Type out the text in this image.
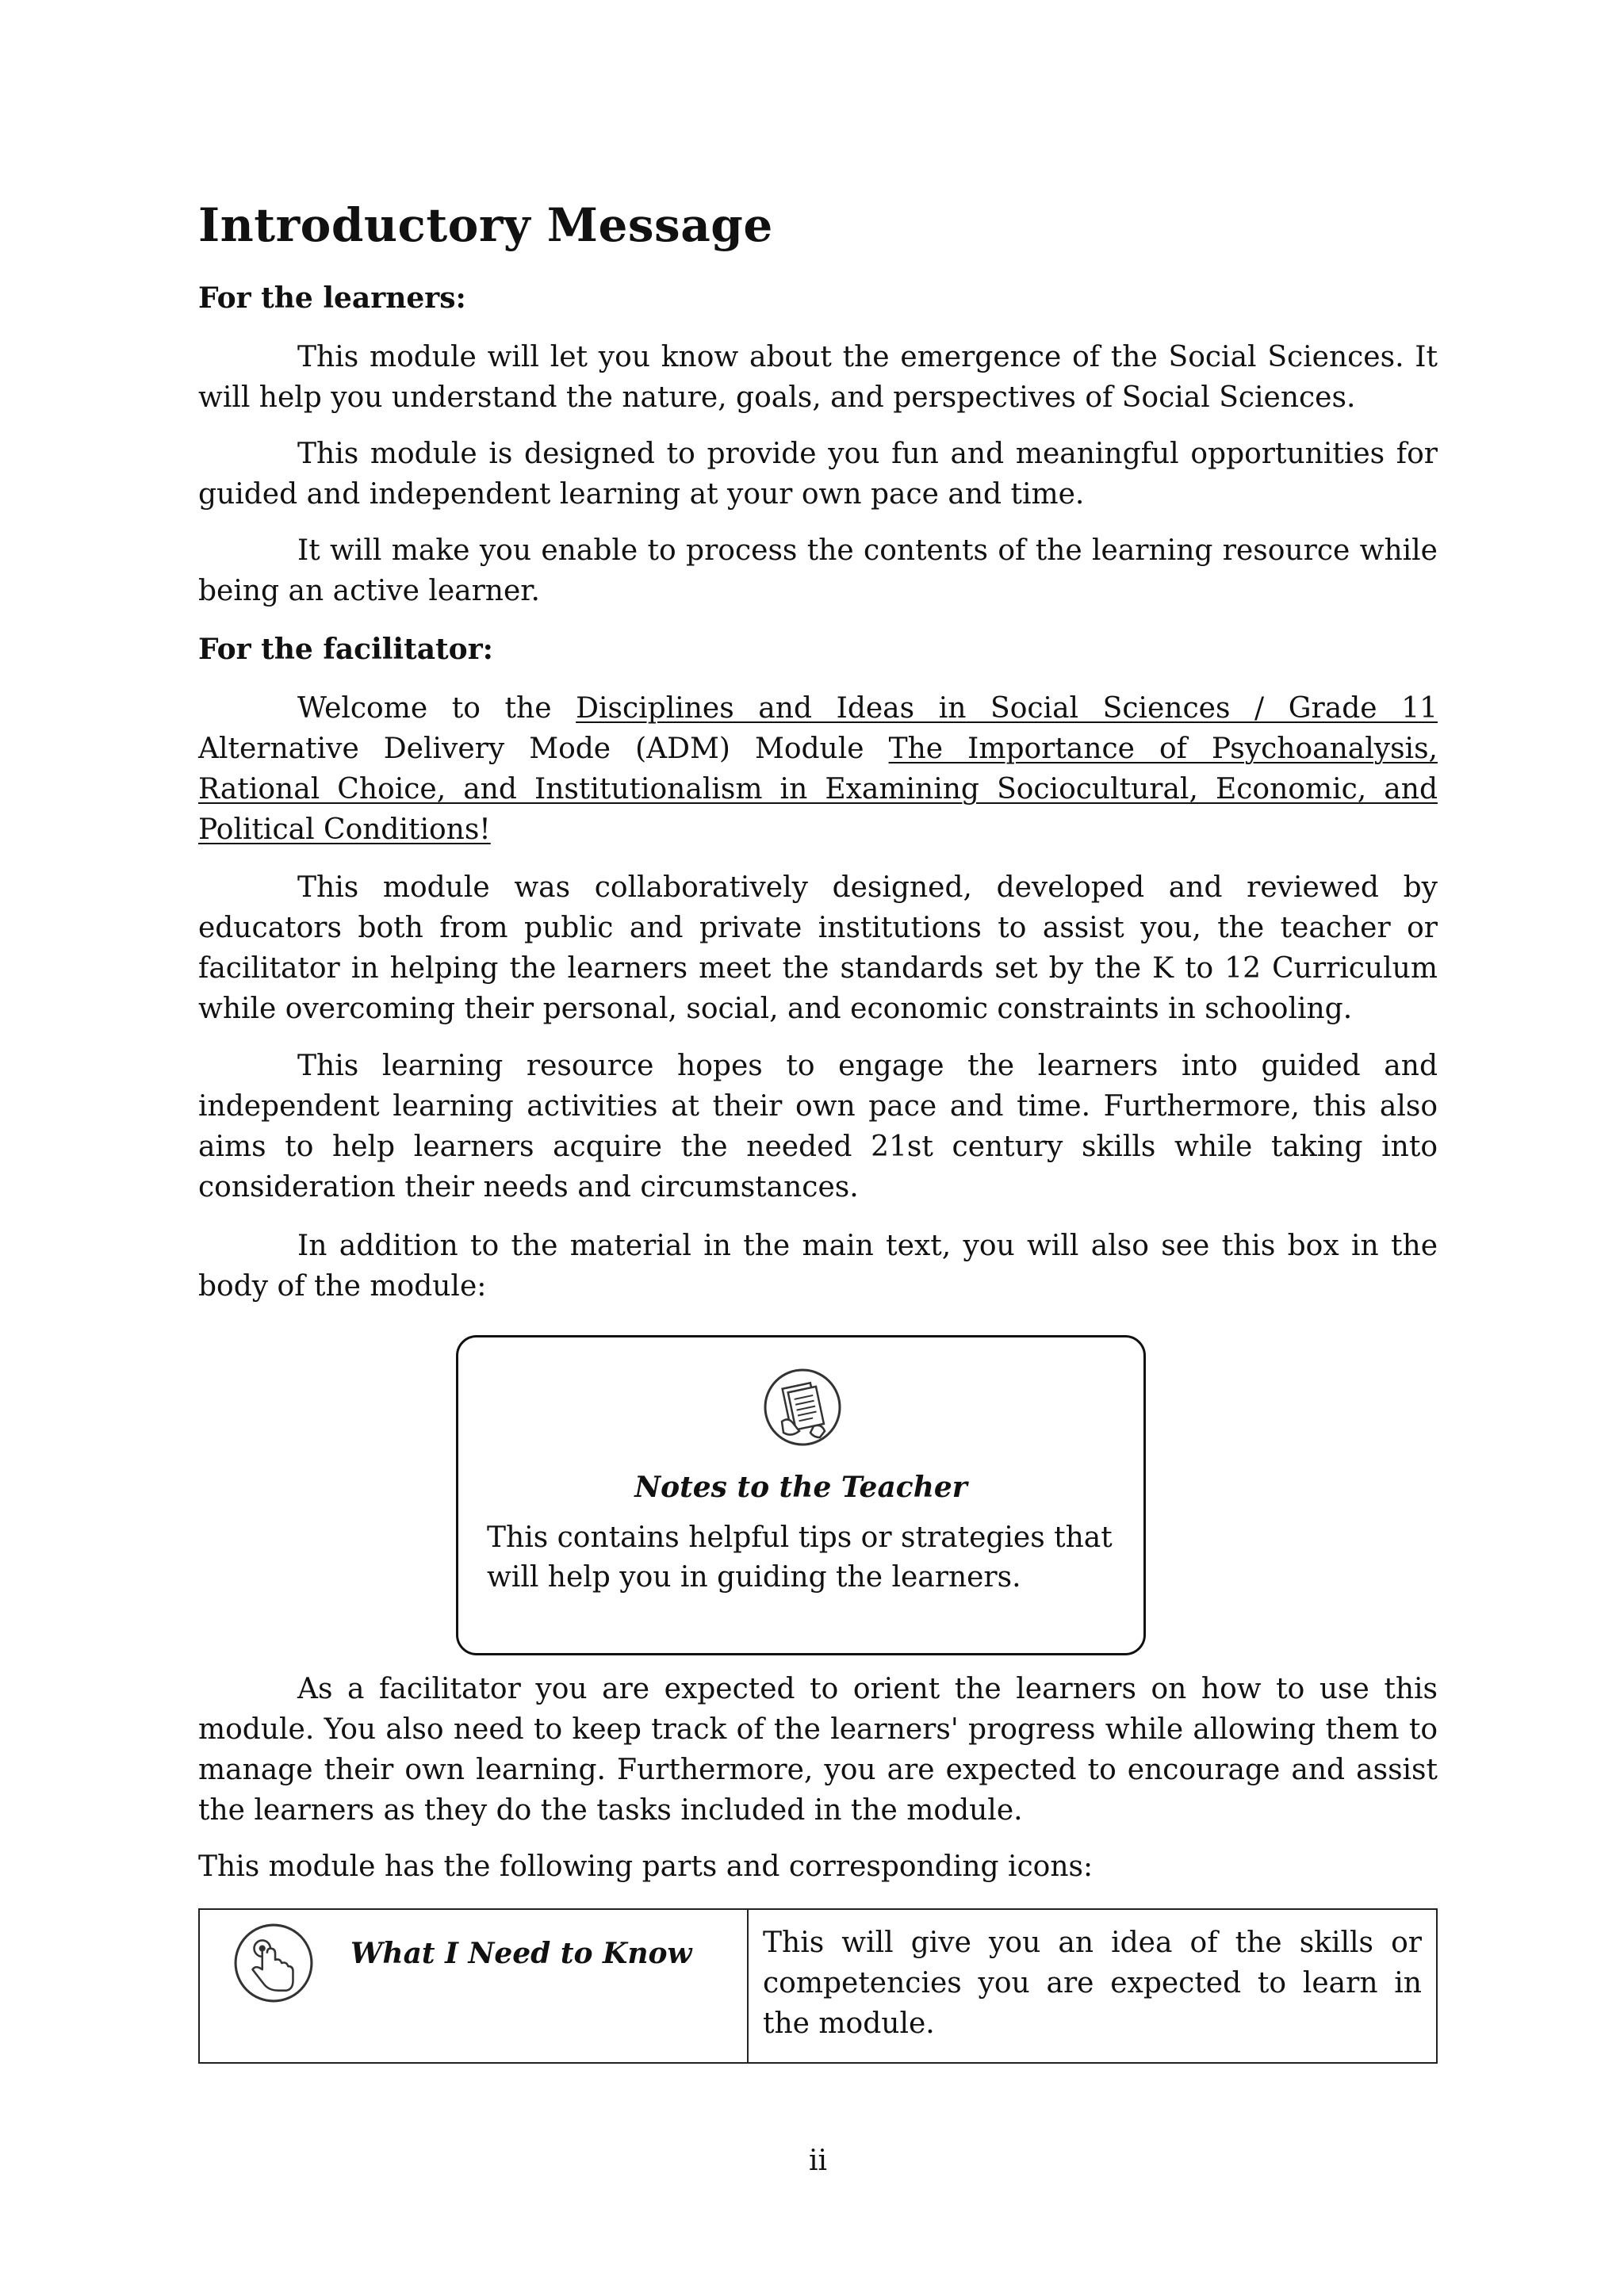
Introductory Message

For the learners:

This module will let you know about the emergence of the Social Sciences. It will help you understand the nature, goals, and perspectives of Social Sciences.

This module is designed to provide you fun and meaningful opportunities for guided and independent learning at your own pace and time.

It will make you enable to process the contents of the learning resource while being an active learner.

For the facilitator:

Welcome to the Disciplines and Ideas in Social Sciences / Grade 11 Alternative Delivery Mode (ADM) Module The Importance of Psychoanalysis, Rational Choice, and Institutionalism in Examining Sociocultural, Economic, and Political Conditions!

This module was collaboratively designed, developed and reviewed by educators both from public and private institutions to assist you, the teacher or facilitator in helping the learners meet the standards set by the K to 12 Curriculum while overcoming their personal, social, and economic constraints in schooling.

This learning resource hopes to engage the learners into guided and independent learning activities at their own pace and time. Furthermore, this also aims to help learners acquire the needed 21st century skills while taking into consideration their needs and circumstances.

In addition to the material in the main text, you will also see this box in the body of the module:

Notes to the Teacher

This contains helpful tips or strategies that will help you in guiding the learners.

As a facilitator you are expected to orient the learners on how to use this module. You also need to keep track of the learners' progress while allowing them to manage their own learning. Furthermore, you are expected to encourage and assist the learners as they do the tasks included in the module.

This module has the following parts and corresponding icons:

What I Need to Know	This will give you an idea of the skills or competencies you are expected to learn in the module.

ii
